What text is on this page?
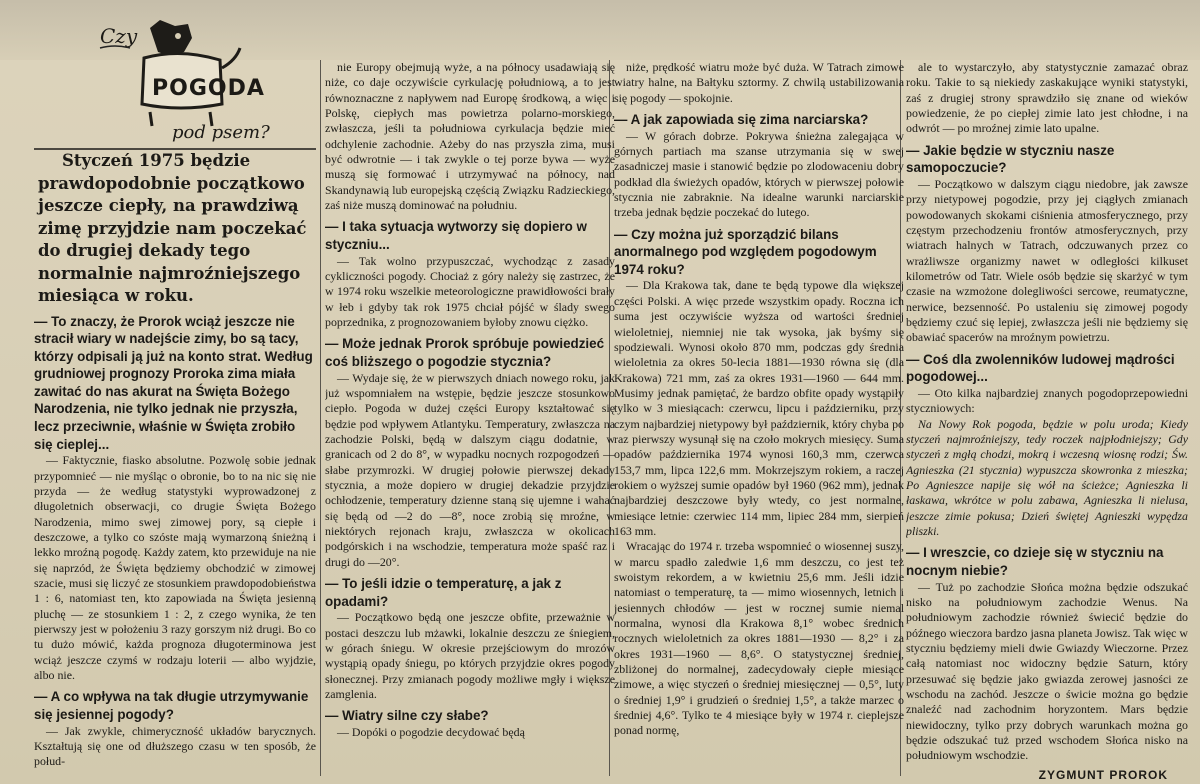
Czy
POGODA
pod psem?

Styczeń 1975 będzie prawdopodobnie początkowo jeszcze ciepły, na prawdziwą zimę przyjdzie nam poczekać do drugiej dekady tego normalnie najmroźniejszego miesiąca w roku.

— To znaczy, że Prorok wciąż jeszcze nie stracił wiary w nadejście zimy, bo są tacy, którzy odpisali ją już na konto strat. Według grudniowej prognozy Proroka zima miała zawitać do nas akurat na Święta Bożego Narodzenia, nie tylko jednak nie przyszła, lecz przeciwnie, właśnie w Święta zrobiło się cieplej...

— Faktycznie, fiasko absolutne. Pozwolę sobie jednak przypomnieć — nie myśląc o obronie, bo to na nic się nie przyda — że według statystyki wyprowadzonej z długoletnich obserwacji, co drugie Święta Bożego Narodzenia, mimo swej zimowej pory, są ciepłe i deszczowe, a tylko co szóste mają wymarzoną śnieżną i lekko mroźną pogodę. Każdy zatem, kto przewiduje na nie się naprzód, że Święta będziemy obchodzić w zimowej szacie, musi się liczyć ze stosunkiem prawdopodobieństwa 1 : 6, natomiast ten, kto zapowiada na Święta jesienną pluchę — ze stosunkiem 1 : 2, z czego wynika, że ten pierwszy jest w położeniu 3 razy gorszym niż drugi. Bo co tu dużo mówić, każda prognoza długoterminowa jest wciąż jeszcze czymś w rodzaju loterii — albo wyjdzie, albo nie.

— A co wpływa na tak długie utrzymywanie się jesiennej pogody?

— Jak zwykle, chimeryczność układów barycznych. Kształtują się one od dłuższego czasu w ten sposób, że połud-

nie Europy obejmują wyże, a na północy usadawiają się niże, co daje oczywiście cyrkulację południową, a to jest równoznaczne z napływem nad Europę środkową, a więc i Polskę, ciepłych mas powietrza polarno-morskiego, zwłaszcza, jeśli ta południowa cyrkulacja będzie mieć odchylenie zachodnie. Ażeby do nas przyszła zima, musi być odwrotnie — i tak zwykle o tej porze bywa — wyże muszą się formować i utrzymywać na północy, nad Skandynawią lub europejską częścią Związku Radzieckiego, zaś niże muszą dominować na południu.

— I taka sytuacja wytworzy się dopiero w styczniu...

— Tak wolno przypuszczać, wychodząc z zasady cykliczności pogody. Chociaż z góry należy się zastrzec, że w 1974 roku wszelkie meteorologiczne prawidłowości brały w łeb i gdyby tak rok 1975 chciał pójść w ślady swego poprzednika, z prognozowaniem byłoby znowu ciężko.

— Może jednak Prorok spróbuje powiedzieć coś bliższego o pogodzie stycznia?

— Wydaje się, że w pierwszych dniach nowego roku, jak już wspomniałem na wstępie, będzie jeszcze stosunkowo ciepło. Pogoda w dużej części Europy kształtować się będzie pod wpływem Atlantyku. Temperatury, zwłaszcza na zachodzie Polski, będą w dalszym ciągu dodatnie, w granicach od 2 do 8°, w wypadku nocnych rozpogodzeń — słabe przymrozki. W drugiej połowie pierwszej dekady stycznia, a może dopiero w drugiej dekadzie przyjdzie ochłodzenie, temperatury dzienne staną się ujemne i wahać się będą od —2 do —8°, noce zrobią się mroźne, w niektórych rejonach kraju, zwłaszcza w okolicach podgórskich i na wschodzie, temperatura może spaść raz i drugi do —20°.

— To jeśli idzie o temperaturę, a jak z opadami?

— Początkowo będą one jeszcze obfite, przeważnie w postaci deszczu lub mżawki, lokalnie deszczu ze śniegiem, w górach śniegu. W okresie przejściowym do mrozów wystąpią opady śniegu, po których przyjdzie okres pogody słonecznej. Przy zmianach pogody możliwe mgły i większe zamglenia.

— Wiatry silne czy słabe?

— Dopóki o pogodzie decydować będą

niże, prędkość wiatru może być duża. W Tatrach zimowe wiatry halne, na Bałtyku sztormy. Z chwilą ustabilizowania się pogody — spokojnie.

— A jak zapowiada się zima narciarska?

— W górach dobrze. Pokrywa śnieżna zalegająca w górnych partiach ma szanse utrzymania się w swej zasadniczej masie i stanowić będzie po zlodowaceniu dobry podkład dla świeżych opadów, których w pierwszej połowie stycznia nie zabraknie. Na idealne warunki narciarskie trzeba jednak będzie poczekać do lutego.

— Czy można już sporządzić bilans anormalnego pod względem pogodowym 1974 roku?

— Dla Krakowa tak, dane te będą typowe dla większej części Polski. A więc przede wszystkim opady. Roczna ich suma jest oczywiście wyższa od wartości średniej wieloletniej, niemniej nie tak wysoka, jak byśmy się spodziewali. Wynosi około 870 mm, podczas gdy średnia wieloletnia za okres 50-lecia 1881—1930 równa się (dla Krakowa) 721 mm, zaś za okres 1931—1960 — 644 mm. Musimy jednak pamiętać, że bardzo obfite opady wystąpiły tylko w 3 miesiącach: czerwcu, lipcu i październiku, przy czym najbardziej nietypowy był październik, który chyba po raz pierwszy wysunął się na czoło mokrych miesięcy. Suma opadów października 1974 wynosi 160,3 mm, czerwca 153,7 mm, lipca 122,6 mm. Mokrzejszym rokiem, a raczej rokiem o wyższej sumie opadów był 1960 (962 mm), jednak najbardziej deszczowe były wtedy, co jest normalne, miesiące letnie: czerwiec 114 mm, lipiec 284 mm, sierpień 163 mm.

Wracając do 1974 r. trzeba wspomnieć o wiosennej suszy, w marcu spadło zaledwie 1,6 mm deszczu, co jest też swoistym rekordem, a w kwietniu 25,6 mm. Jeśli idzie natomiast o temperaturę, ta — mimo wiosennych, letnich i jesiennych chłodów — jest w rocznej sumie niemal normalna, wynosi dla Krakowa 8,1° wobec średnich rocznych wieloletnich za okres 1881—1930 — 8,2° i za okres 1931—1960 — 8,6°. O statystycznej średniej, zbliżonej do normalnej, zadecydowały ciepłe miesiące zimowe, a więc styczeń o średniej miesięcznej — 0,5°, luty o średniej 1,9° i grudzień o średniej 1,5°, a także marzec o średniej 4,6°. Tylko te 4 miesiące były w 1974 r. cieplejsze ponad normę,

ale to wystarczyło, aby statystycznie zamazać obraz roku. Takie to są niekiedy zaskakujące wyniki statystyki, zaś z drugiej strony sprawdziło się znane od wieków powiedzenie, że po ciepłej zimie lato jest chłodne, i na odwrót — po mroźnej zimie lato upalne.

— Jakie będzie w styczniu nasze samopoczucie?

— Początkowo w dalszym ciągu niedobre, jak zawsze przy nietypowej pogodzie, przy jej ciągłych zmianach powodowanych skokami ciśnienia atmosferycznego, przy częstym przechodzeniu frontów atmosferycznych, przy wiatrach halnych w Tatrach, odczuwanych przez co wrażliwsze organizmy nawet w odległości kilkuset kilometrów od Tatr. Wiele osób będzie się skarżyć w tym czasie na wzmożone dolegliwości sercowe, reumatyczne, nerwice, bezsenność. Po ustaleniu się zimowej pogody będziemy czuć się lepiej, zwłaszcza jeśli nie będziemy się obawiać spacerów na mroźnym powietrzu.

— Coś dla zwolenników ludowej mądrości pogodowej...

— Oto kilka najbardziej znanych pogodoprzepowiedni styczniowych:

Na Nowy Rok pogoda, będzie w polu uroda; Kiedy styczeń najmroźniejszy, tedy roczek najpłodniejszy; Gdy styczeń z mgłą chodzi, mokrą i wczesną wiosnę rodzi; Św. Agnieszka (21 stycznia) wypuszcza skowronka z mieszka; Po Agnieszce napije się wół na ścieżce; Agnieszka li łaskawa, wkrótce w polu zabawa, Agnieszka li nielusa, jeszcze zimie pokusa; Dzień świętej Agnieszki wypędza pliszki.

— I wreszcie, co dzieje się w styczniu na nocnym niebie?

— Tuż po zachodzie Słońca można będzie odszukać nisko na południowym zachodzie Wenus. Na południowym zachodzie również świecić będzie do późnego wieczora bardzo jasna planeta Jowisz. Tak więc w styczniu będziemy mieli dwie Gwiazdy Wieczorne. Przez całą natomiast noc widoczny będzie Saturn, który przesuwać się będzie jako gwiazda zerowej jasności ze wschodu na zachód. Jeszcze o świcie można go będzie znaleźć nad zachodnim horyzontem. Mars będzie niewidoczny, tylko przy dobrych warunkach można go będzie odszukać tuż przed wschodem Słońca nisko na południowym wschodzie.

ZYGMUNT PROROK
